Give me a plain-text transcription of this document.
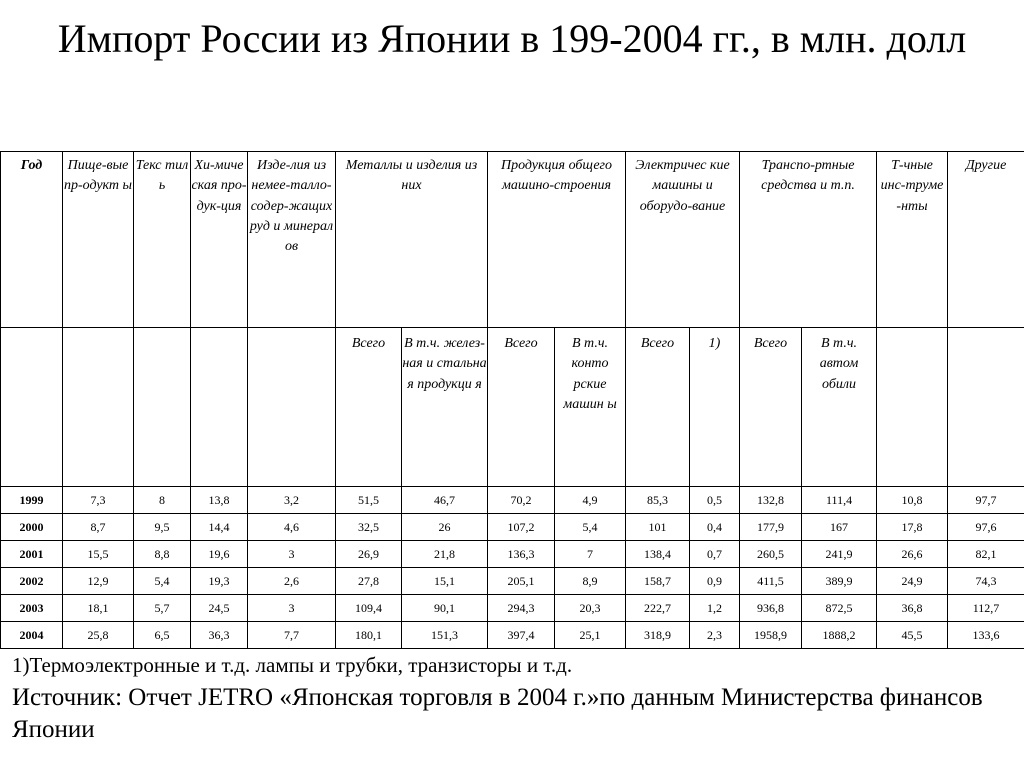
Импорт России из Японии в 199-2004 гг., в млн. долл
Год	Пище-вые пр-одукт ы	Текс тил ь	Хи-миче ская про-дук-ция	Изде-лия из немее-талло-содер-жащих руд и минерал ов	Металлы и изделия из них		Продукция общего машино-строения		Электричес кие машины и оборудо-вание		Транспо-ртные средства и т.п.		Т-чные инс-труме -нты	Другие
					Всего	В т.ч. желез-ная и стальна я продукци я	Всего	В т.ч. конто рские машин ы	Всего	1)	Всего	В т.ч. автом обили		
1999	7,3	8	13,8	3,2	51,5	46,7	70,2	4,9	85,3	0,5	132,8	111,4	10,8	97,7
2000	8,7	9,5	14,4	4,6	32,5	26	107,2	5,4	101	0,4	177,9	167	17,8	97,6
2001	15,5	8,8	19,6	3	26,9	21,8	136,3	7	138,4	0,7	260,5	241,9	26,6	82,1
2002	12,9	5,4	19,3	2,6	27,8	15,1	205,1	8,9	158,7	0,9	411,5	389,9	24,9	74,3
2003	18,1	5,7	24,5	3	109,4	90,1	294,3	20,3	222,7	1,2	936,8	872,5	36,8	112,7
2004	25,8	6,5	36,3	7,7	180,1	151,3	397,4	25,1	318,9	2,3	1958,9	1888,2	45,5	133,6
1)Термоэлектронные и т.д. лампы и трубки, транзисторы и т.д.
Источник: Отчет JETRO «Японская торговля в 2004 г.»по данным Министерства финансов Японии
